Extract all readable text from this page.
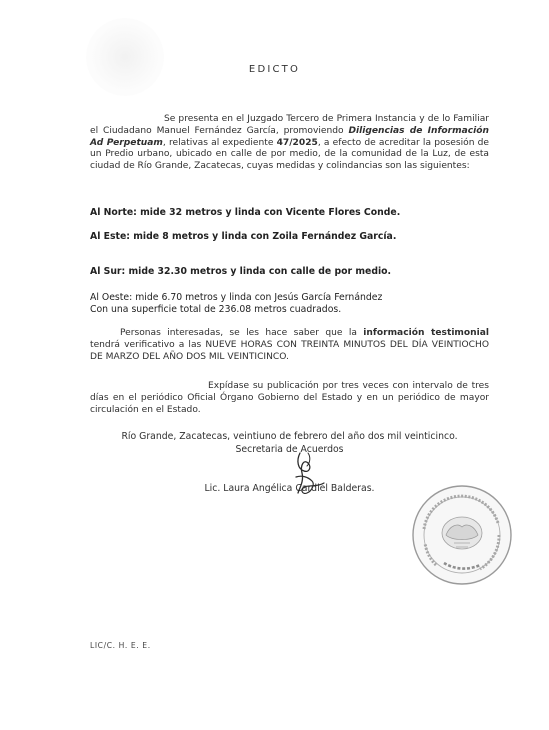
EDICTO
Se presenta en el Juzgado Tercero de Primera Instancia y de lo Familiar el Ciudadano Manuel Fernández García, promoviendo Diligencias de Información Ad Perpetuam, relativas al expediente 47/2025, a efecto de acreditar la posesión de un Predio urbano, ubicado en calle de por medio, de la comunidad de la Luz, de esta ciudad de Río Grande, Zacatecas, cuyas medidas y colindancias son las siguientes:
Al Norte: mide 32 metros y linda con Vicente Flores Conde.
Al Este: mide 8 metros y linda con Zoila Fernández García.
Al Sur: mide 32.30 metros y linda con calle de por medio.
Al Oeste: mide 6.70 metros y linda con Jesús García Fernández
Con una superficie total de 236.08 metros cuadrados.
Personas interesadas, se les hace saber que la información testimonial tendrá verificativo a las NUEVE HORAS CON TREINTA MINUTOS DEL DÍA VEINTIOCHO DE MARZO DEL AÑO DOS MIL VEINTICINCO.
Expídase su publicación por tres veces con intervalo de tres días en el periódico Oficial Órgano Gobierno del Estado y en un periódico de mayor circulación en el Estado.
Río Grande, Zacatecas, veintiuno de febrero del año dos mil veinticinco.
Secretaria de Acuerdos
Lic. Laura Angélica Cardiel Balderas.
LIC/C. H. E. E.
